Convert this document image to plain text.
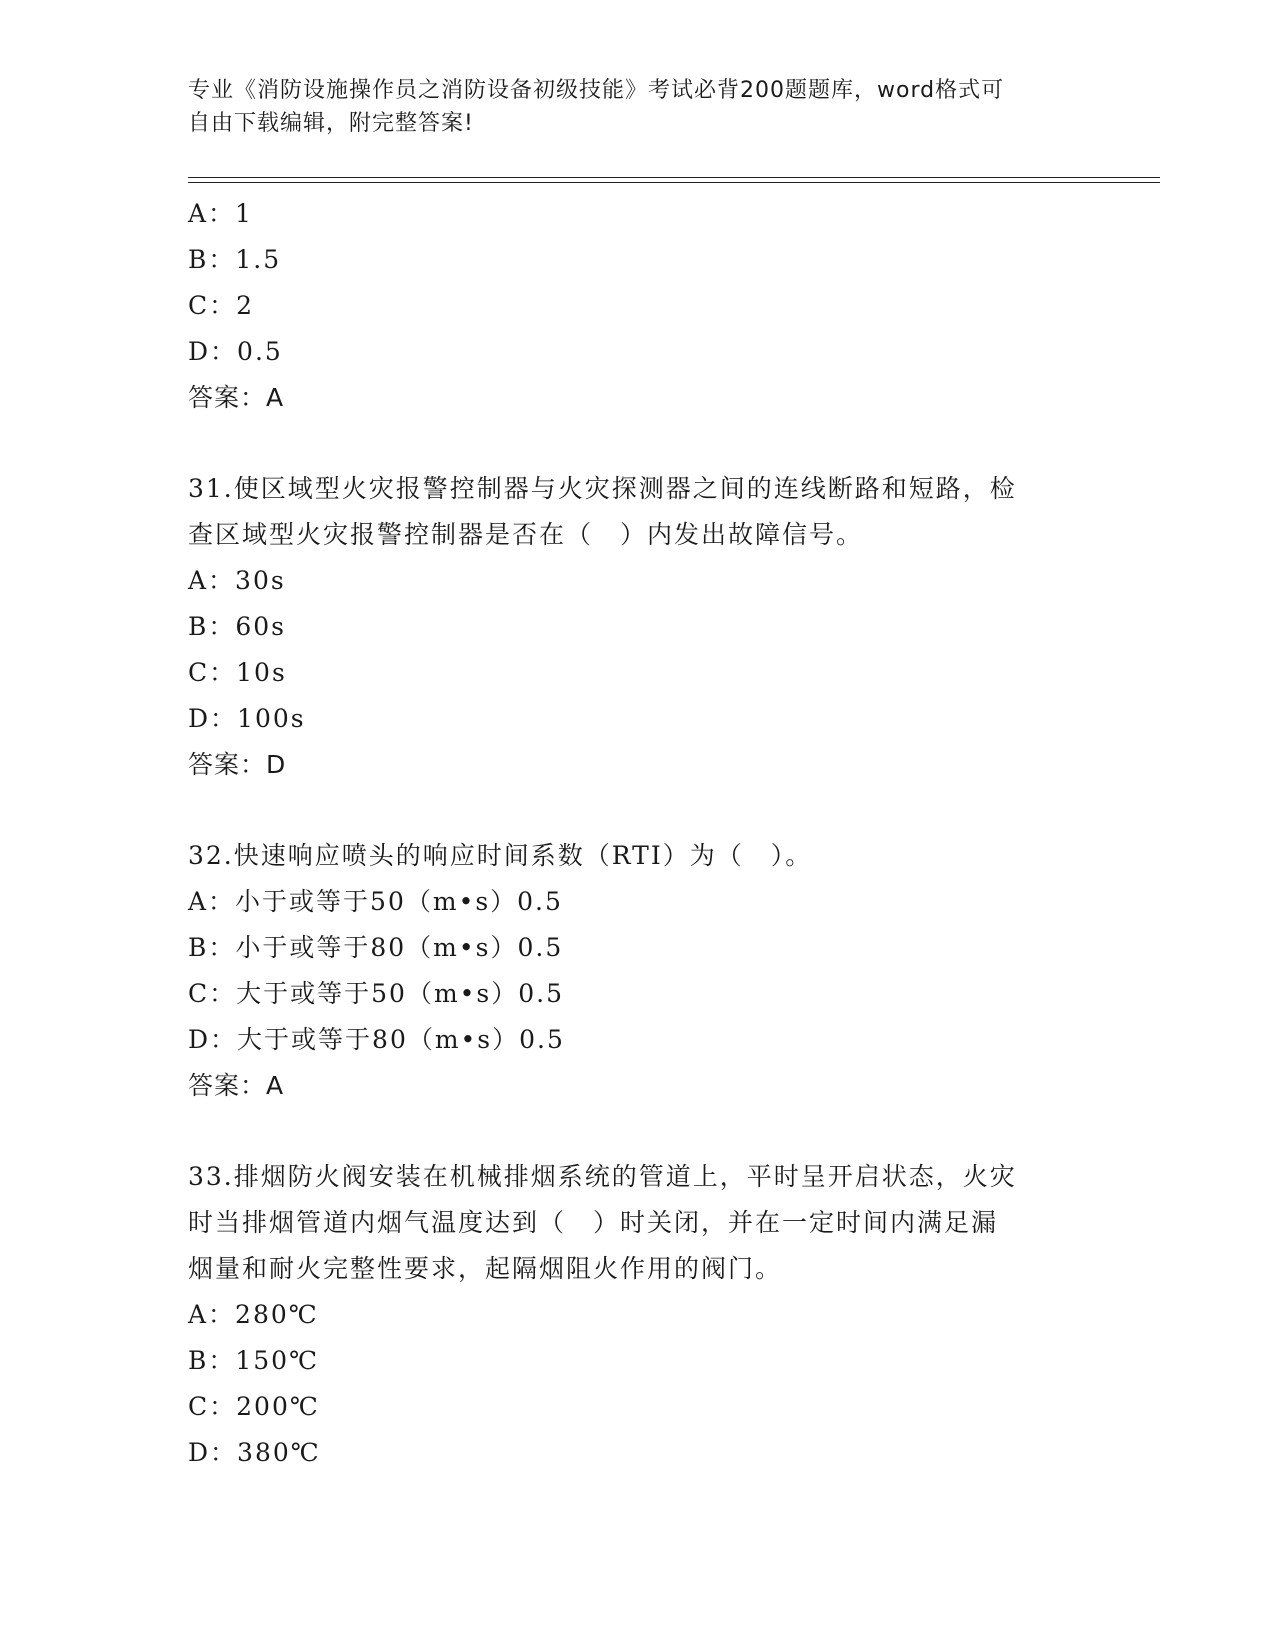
专业《消防设施操作员之消防设备初级技能》考试必背200题题库，word格式可
自由下载编辑，附完整答案!
A：1
B：1.5
C：2
D：0.5
答案：A
31.使区域型火灾报警控制器与火灾探测器之间的连线断路和短路，检
查区域型火灾报警控制器是否在（　）内发出故障信号。
A：30s
B：60s
C：10s
D：100s
答案：D
32.快速响应喷头的响应时间系数（RTI）为（　）。
A：小于或等于50（m•s）0.5
B：小于或等于80（m•s）0.5
C：大于或等于50（m•s）0.5
D：大于或等于80（m•s）0.5
答案：A
33.排烟防火阀安装在机械排烟系统的管道上，平时呈开启状态，火灾
时当排烟管道内烟气温度达到（　）时关闭，并在一定时间内满足漏
烟量和耐火完整性要求，起隔烟阻火作用的阀门。
A：280℃
B：150℃
C：200℃
D：380℃
